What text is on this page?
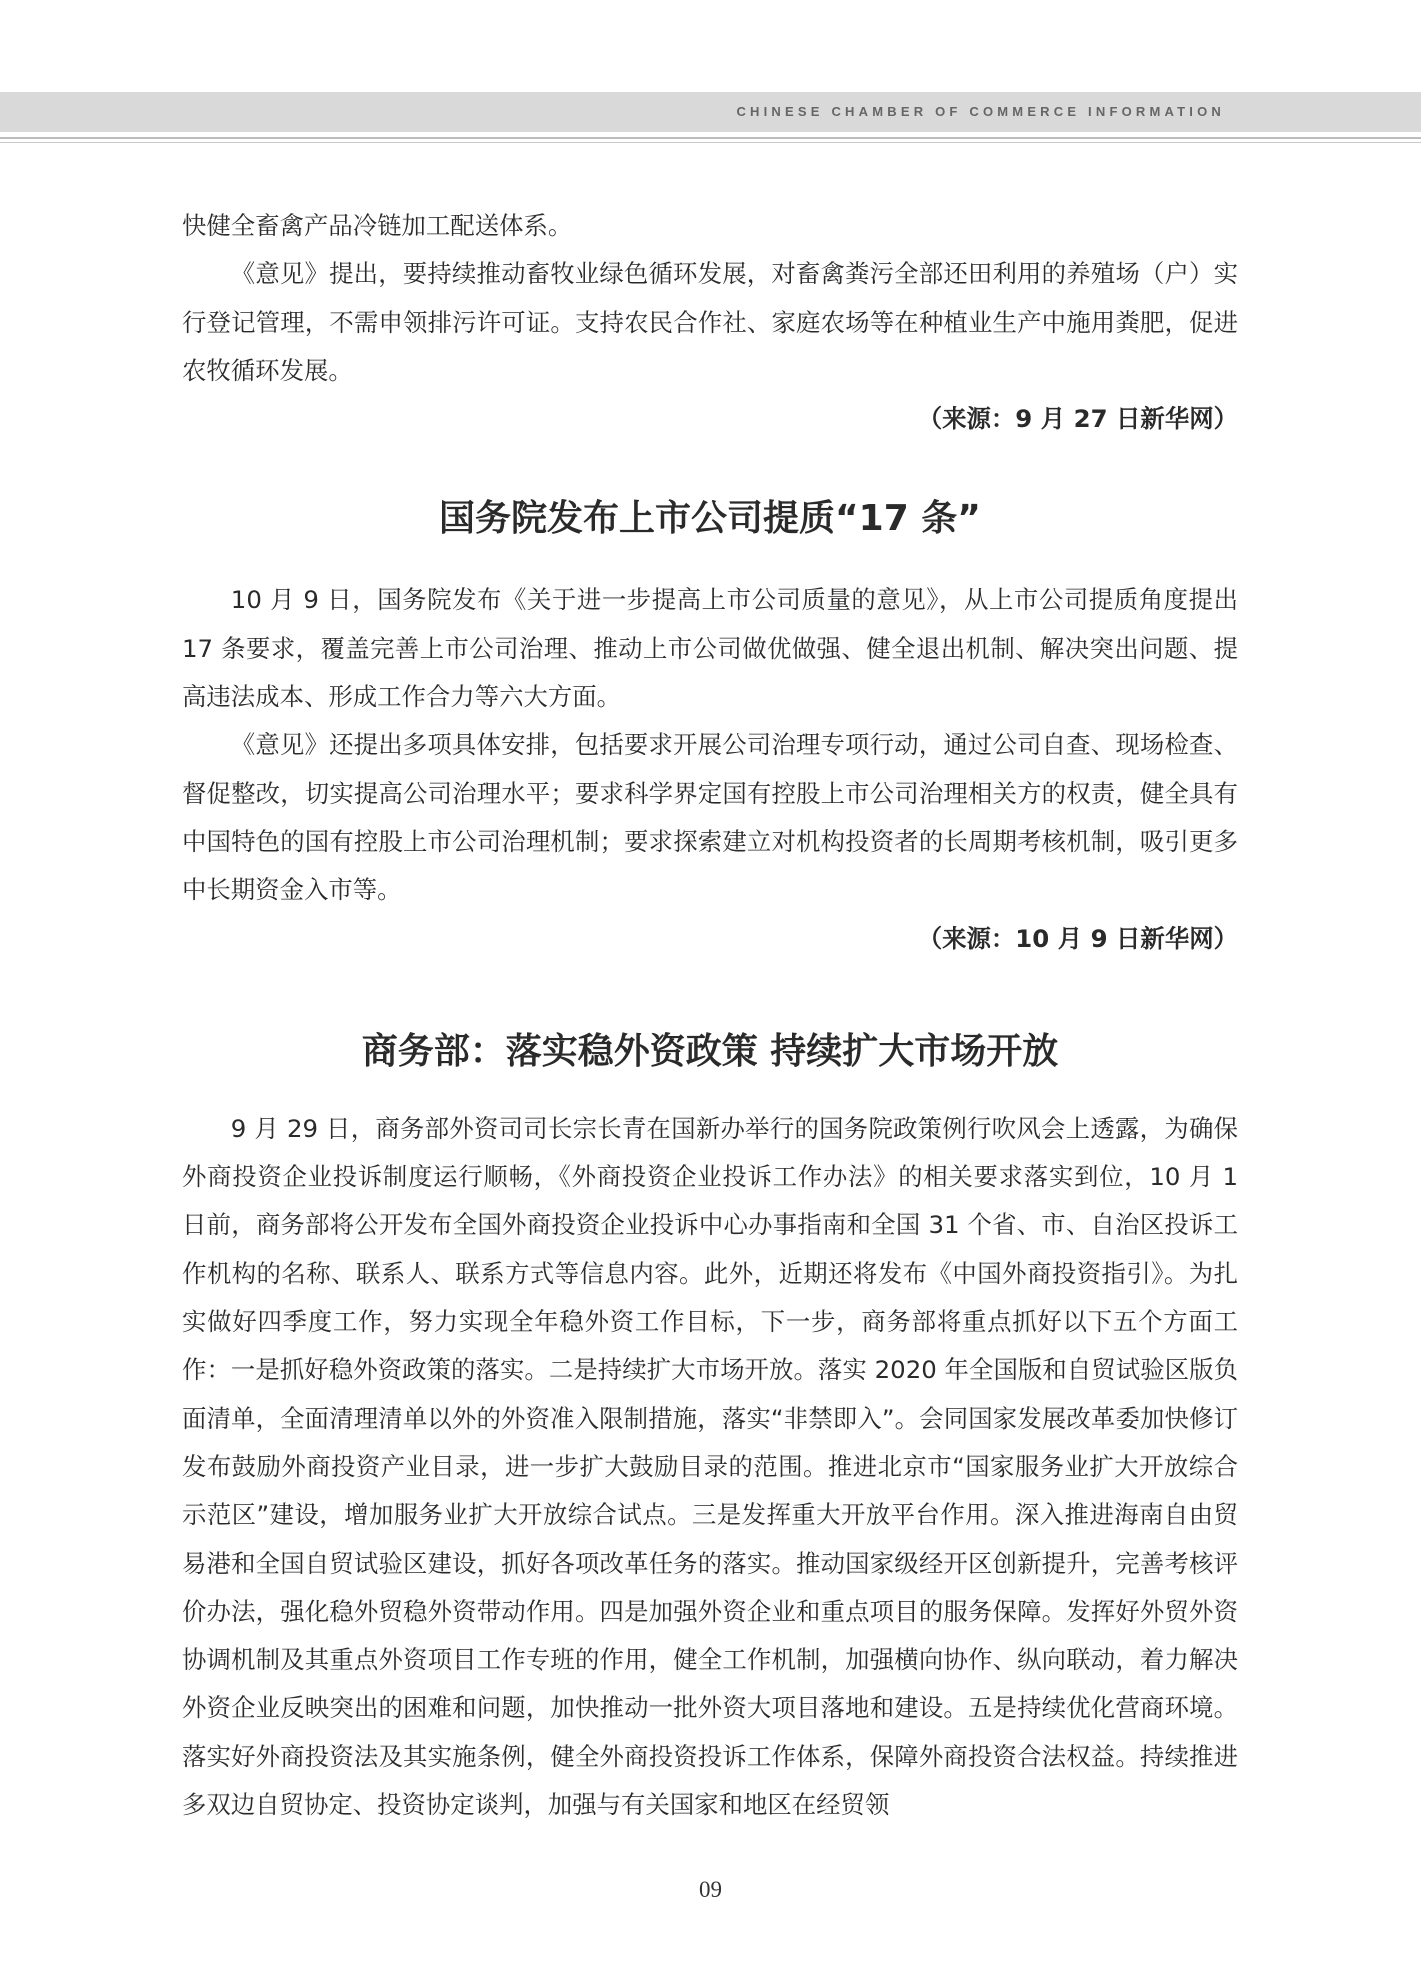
CHINESE CHAMBER OF COMMERCE INFORMATION

快健全畜禽产品冷链加工配送体系。

《意见》提出，要持续推动畜牧业绿色循环发展，对畜禽粪污全部还田利用的养殖场（户）实行登记管理，不需申领排污许可证。支持农民合作社、家庭农场等在种植业生产中施用粪肥，促进农牧循环发展。

（来源：9 月 27 日新华网）

国务院发布上市公司提质“17 条”

10 月 9 日，国务院发布《关于进一步提高上市公司质量的意见》，从上市公司提质角度提出 17 条要求，覆盖完善上市公司治理、推动上市公司做优做强、健全退出机制、解决突出问题、提高违法成本、形成工作合力等六大方面。

《意见》还提出多项具体安排，包括要求开展公司治理专项行动，通过公司自查、现场检查、督促整改，切实提高公司治理水平；要求科学界定国有控股上市公司治理相关方的权责，健全具有中国特色的国有控股上市公司治理机制；要求探索建立对机构投资者的长周期考核机制，吸引更多中长期资金入市等。

（来源：10 月 9 日新华网）

商务部：落实稳外资政策 持续扩大市场开放

9 月 29 日，商务部外资司司长宗长青在国新办举行的国务院政策例行吹风会上透露，为确保外商投资企业投诉制度运行顺畅，《外商投资企业投诉工作办法》的相关要求落实到位，10 月 1 日前，商务部将公开发布全国外商投资企业投诉中心办事指南和全国 31 个省、市、自治区投诉工作机构的名称、联系人、联系方式等信息内容。此外，近期还将发布《中国外商投资指引》。为扎实做好四季度工作，努力实现全年稳外资工作目标，下一步，商务部将重点抓好以下五个方面工作：一是抓好稳外资政策的落实。二是持续扩大市场开放。落实 2020 年全国版和自贸试验区版负面清单，全面清理清单以外的外资准入限制措施，落实“非禁即入”。会同国家发展改革委加快修订发布鼓励外商投资产业目录，进一步扩大鼓励目录的范围。推进北京市“国家服务业扩大开放综合示范区”建设，增加服务业扩大开放综合试点。三是发挥重大开放平台作用。深入推进海南自由贸易港和全国自贸试验区建设，抓好各项改革任务的落实。推动国家级经开区创新提升，完善考核评价办法，强化稳外贸稳外资带动作用。四是加强外资企业和重点项目的服务保障。发挥好外贸外资协调机制及其重点外资项目工作专班的作用，健全工作机制，加强横向协作、纵向联动，着力解决外资企业反映突出的困难和问题，加快推动一批外资大项目落地和建设。五是持续优化营商环境。落实好外商投资法及其实施条例，健全外商投资投诉工作体系，保障外商投资合法权益。持续推进多双边自贸协定、投资协定谈判，加强与有关国家和地区在经贸领

09
